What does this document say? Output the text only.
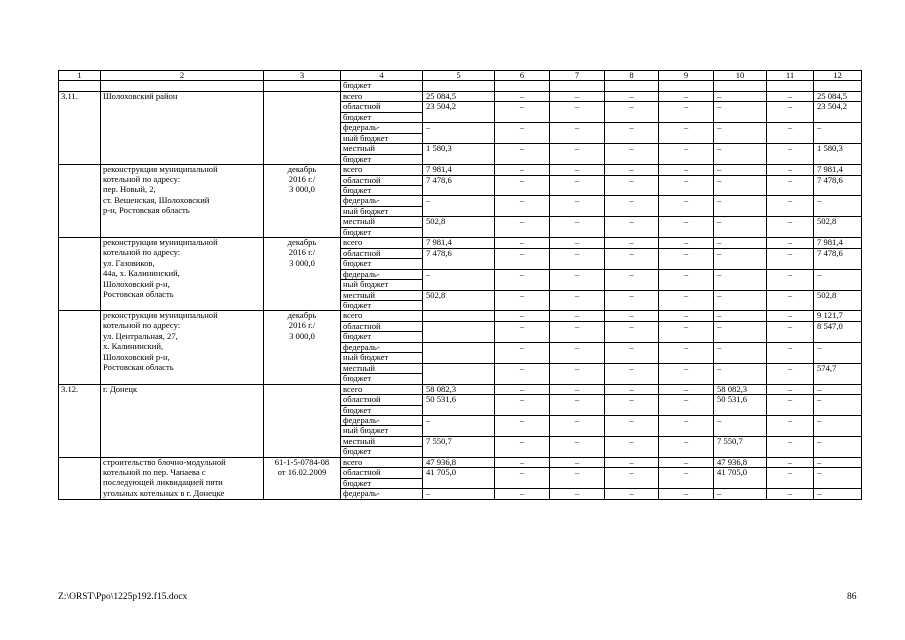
1	2	3	4	5	6	7	8	9	10	11	12
			бюджет								
3.11.	Шолоховский район		всего	25 084,5	–	–	–	–	–	–	25 084,5
			областной	23 504,2	–	–	–	–	–	–	23 504,2
			бюджет								
			федераль-	–	–	–	–	–	–	–	–
			ный бюджет								
			местный	1 580,3	–	–	–	–	–	–	1 580,3
			бюджет								
	реконструкция муниципальной	декабрь	всего	7 981,4	–	–	–	–	–	–	7 981,4
	котельной по адресу:	2016 г./	областной	7 478,6	–	–	–	–	–	–	7 478,6
	пер. Новый, 2,	3 000,0	бюджет								
	ст. Вешенская, Шолоховский		федераль-	–	–	–	–	–	–	–	–
	р-н, Ростовская область		ный бюджет								
			местный	502,8	–	–	–	–	–	–	502,8
			бюджет								
	реконструкция муниципальной	декабрь	всего	7 981,4	–	–	–	–	–	–	7 981,4
	котельной по адресу:	2016 г./	областной	7 478,6	–	–	–	–	–	–	7 478,6
	ул. Газовиков,	3 000,0	бюджет								
	44а, х. Калининский,		федераль-	–	–	–	–	–	–	–	–
	Шолоховский р-н,		ный бюджет								
	Ростовская область		местный	502,8	–	–	–	–	–	–	502,8
			бюджет								
	реконструкция муниципальной	декабрь	всего		–	–	–	–	–	–	9 121,7
	котельной по адресу:	2016 г./	областной		–	–	–	–	–	–	8 547,0
	ул. Центральная, 27,	3 000,0	бюджет								
	х. Калининский,		федераль-		–	–	–	–	–	–	–
	Шолоховский р-н,		ный бюджет								
	Ростовская область		местный		–	–	–	–	–	–	574,7
			бюджет								
3.12.	г. Донецк		всего	58 082,3	–	–	–	–	58 082,3	–	–
			областной	50 531,6	–	–	–	–	50 531,6	–	–
			бюджет								
			федераль-	–	–	–	–	–	–	–	–
			ный бюджет								
			местный	7 550,7	–	–	–	–	7 550,7	–	–
			бюджет								
	строительство блочно-модульной	61-1-5-0784-08	всего	47 936,8	–	–	–	–	47 936,8	–	–
	котельной по пер. Чапаева с	от 16.02.2009	областной	41 705,0	–	–	–	–	41 705,0	–	–
	последующей ликвидацией пяти		бюджет								
	угольных котельных в г. Донецке		федераль-	–	–	–	–	–	–	–	–
Z:\ORST\Ppo\1225p192.f15.docx	86
